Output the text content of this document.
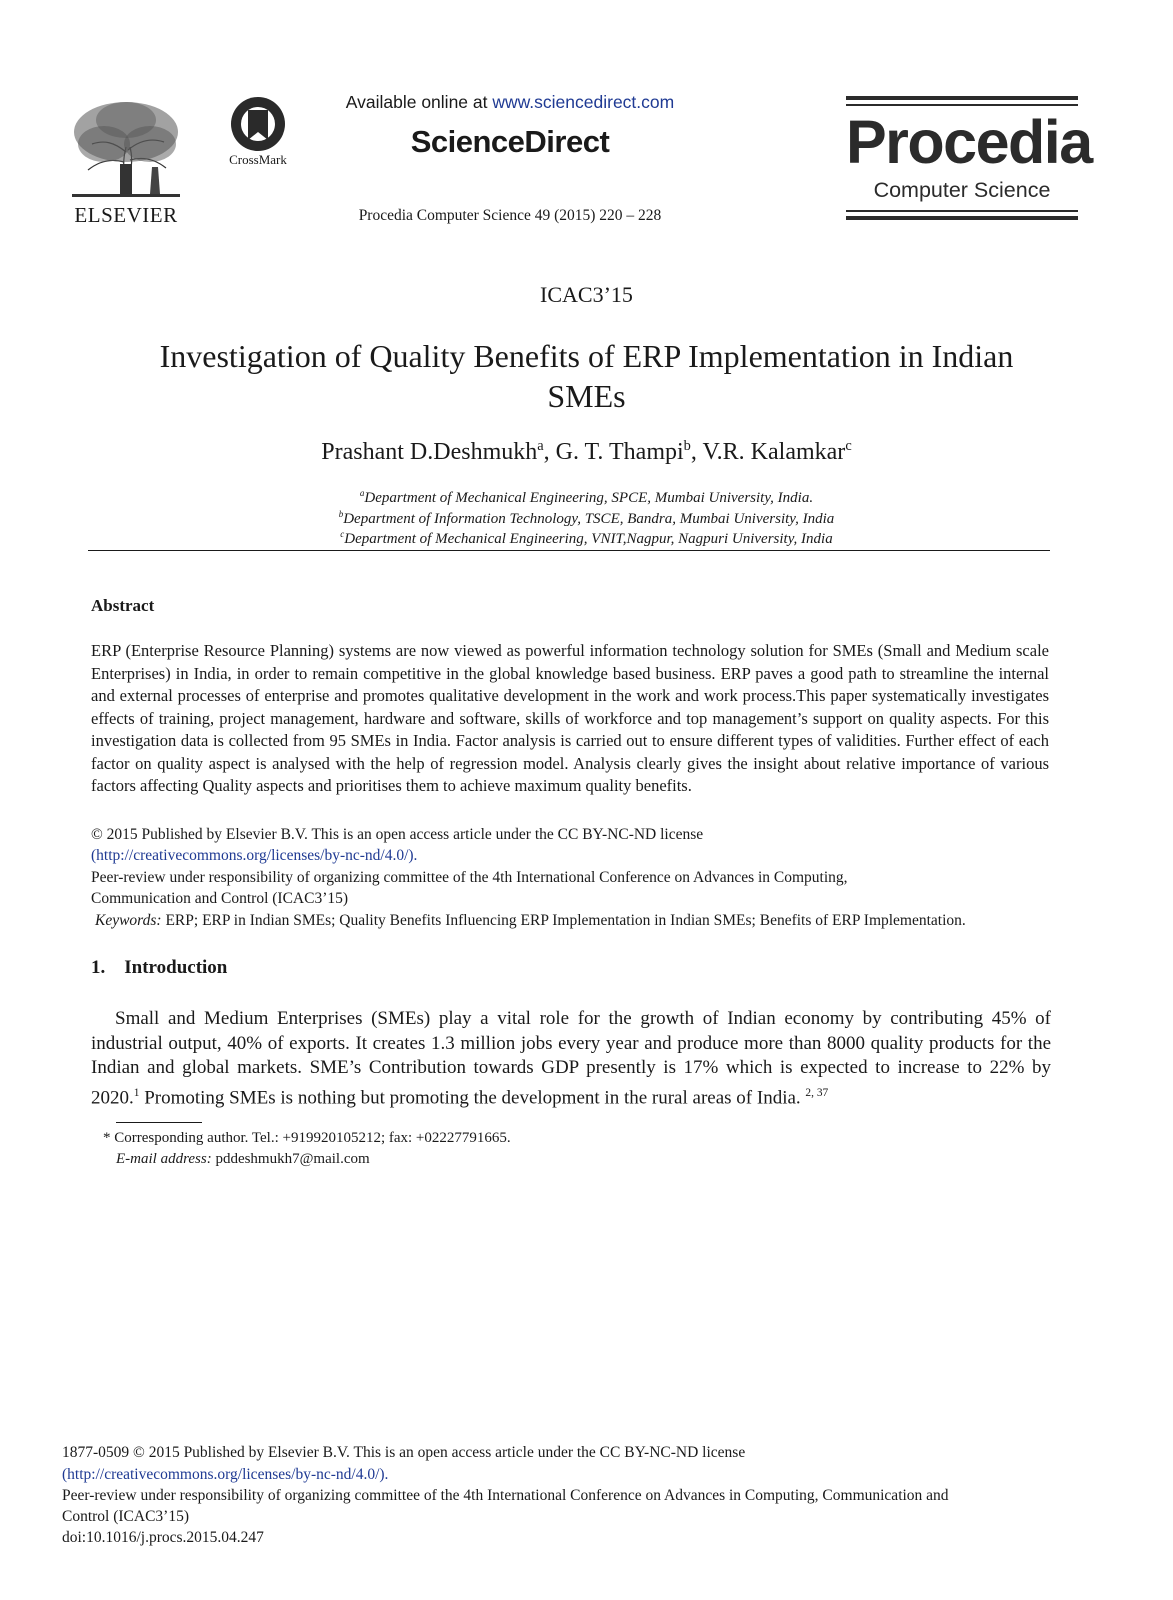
ELSEVIER
CrossMark
Available online at www.sciencedirect.com
ScienceDirect
Procedia Computer Science 49 (2015) 220 – 228
Procedia
Computer Science
ICAC3’15
Investigation of Quality Benefits of ERP Implementation in Indian
SMEs
Prashant D.Deshmukh$^a$, G. T. Thampi$^b$, V.R. Kalamkar$^c$
$^a$Department of Mechanical Engineering, SPCE, Mumbai University, India.
$^b$Department of Information Technology, TSCE, Bandra, Mumbai University, India
$^c$Department of Mechanical Engineering, VNIT,Nagpur, Nagpuri University, India
Abstract
ERP (Enterprise Resource Planning) systems are now viewed as powerful information technology solution for SMEs (Small and Medium scale Enterprises) in India, in order to remain competitive in the global knowledge based business. ERP paves a good path to streamline the internal and external processes of enterprise and promotes qualitative development in the work and work process.This paper systematically investigates effects of training, project management, hardware and software, skills of workforce and top management’s support on quality aspects. For this investigation data is collected from 95 SMEs in India. Factor analysis is carried out to ensure different types of validities. Further effect of each factor on quality aspect is analysed with the help of regression model. Analysis clearly gives the insight about relative importance of various factors affecting Quality aspects and prioritises them to achieve maximum quality benefits.
© 2015 Published by Elsevier B.V. This is an open access article under the CC BY-NC-ND license
(http://creativecommons.org/licenses/by-nc-nd/4.0/).
Peer-review under responsibility of organizing committee of the 4th International Conference on Advances in Computing,
Communication and Control (ICAC3’15)
Keywords: ERP; ERP in Indian SMEs; Quality Benefits Influencing ERP Implementation in Indian SMEs; Benefits of ERP Implementation.
1.    Introduction
Small and Medium Enterprises (SMEs) play a vital role for the growth of Indian economy by contributing 45% of industrial output, 40% of exports. It creates 1.3 million jobs every year and produce more than 8000 quality products for the Indian and global markets. SME’s Contribution towards GDP presently is 17% which is expected to increase to 22% by 2020.$^1$ Promoting SMEs is nothing but promoting the development in the rural areas of India. $^{2, 37}$
* Corresponding author. Tel.: +919920105212; fax: +02227791665.
E-mail address: pddeshmukh7@mail.com
1877-0509 © 2015 Published by Elsevier B.V. This is an open access article under the CC BY-NC-ND license
(http://creativecommons.org/licenses/by-nc-nd/4.0/).
Peer-review under responsibility of organizing committee of the 4th International Conference on Advances in Computing, Communication and
Control (ICAC3’15)
doi:10.1016/j.procs.2015.04.247
